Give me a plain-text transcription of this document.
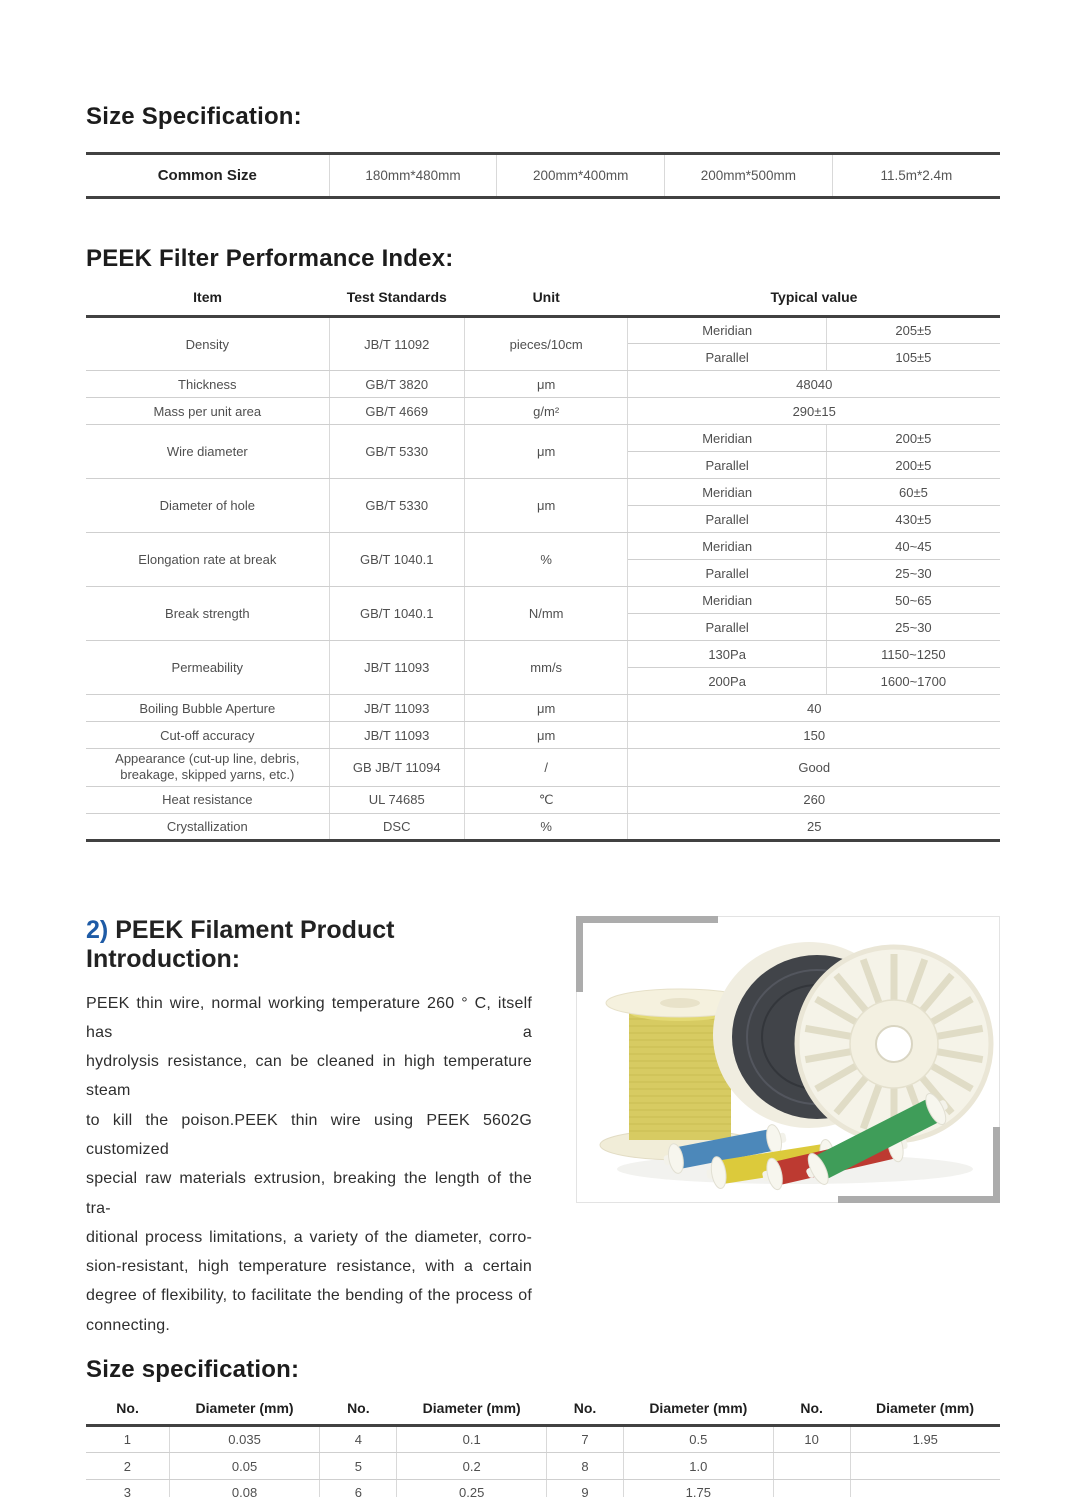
Size Specification:
Common Size	180mm*480mm	200mm*400mm	200mm*500mm	11.5m*2.4m
PEEK Filter Performance Index:
Item	Test Standards	Unit	Typical value	
Density	JB/T 11092	pieces/10cm	Meridian	205±5
			Parallel	105±5
Thickness	GB/T 3820	μm	48040	
Mass per unit area	GB/T 4669	g/m²	290±15	
Wire diameter	GB/T 5330	μm	Meridian	200±5
			Parallel	200±5
Diameter of hole	GB/T 5330	μm	Meridian	60±5
			Parallel	430±5
Elongation rate at break	GB/T 1040.1	%	Meridian	40~45
			Parallel	25~30
Break strength	GB/T 1040.1	N/mm	Meridian	50~65
			Parallel	25~30
Permeability	JB/T 11093	mm/s	130Pa	1150~1250
			200Pa	1600~1700
Boiling Bubble Aperture	JB/T 11093	μm	40	
Cut-off accuracy	JB/T 11093	μm	150	
Appearance (cut-up line, debris, breakage, skipped yarns, etc.)	GB JB/T 11094	/	Good	
Heat resistance	UL 74685	℃	260	
Crystallization	DSC	%	25	
2) PEEK Filament Product Introduction:
PEEK thin wire, normal working temperature 260 ° C, itself has a
hydrolysis resistance, can be cleaned in high temperature steam
to kill the poison.PEEK thin wire using PEEK 5602G customized
special raw materials extrusion, breaking the length of the tra-
ditional process limitations, a variety of the diameter, corro-
sion-resistant, high temperature resistance, with a certain
degree of flexibility, to facilitate the bending of the process of
connecting.
Size specification:
No.	Diameter (mm)	No.	Diameter (mm)	No.	Diameter (mm)	No.	Diameter (mm)
1	0.035	4	0.1	7	0.5	10	1.95
2	0.05	5	0.2	8	1.0		
3	0.08	6	0.25	9	1.75		
